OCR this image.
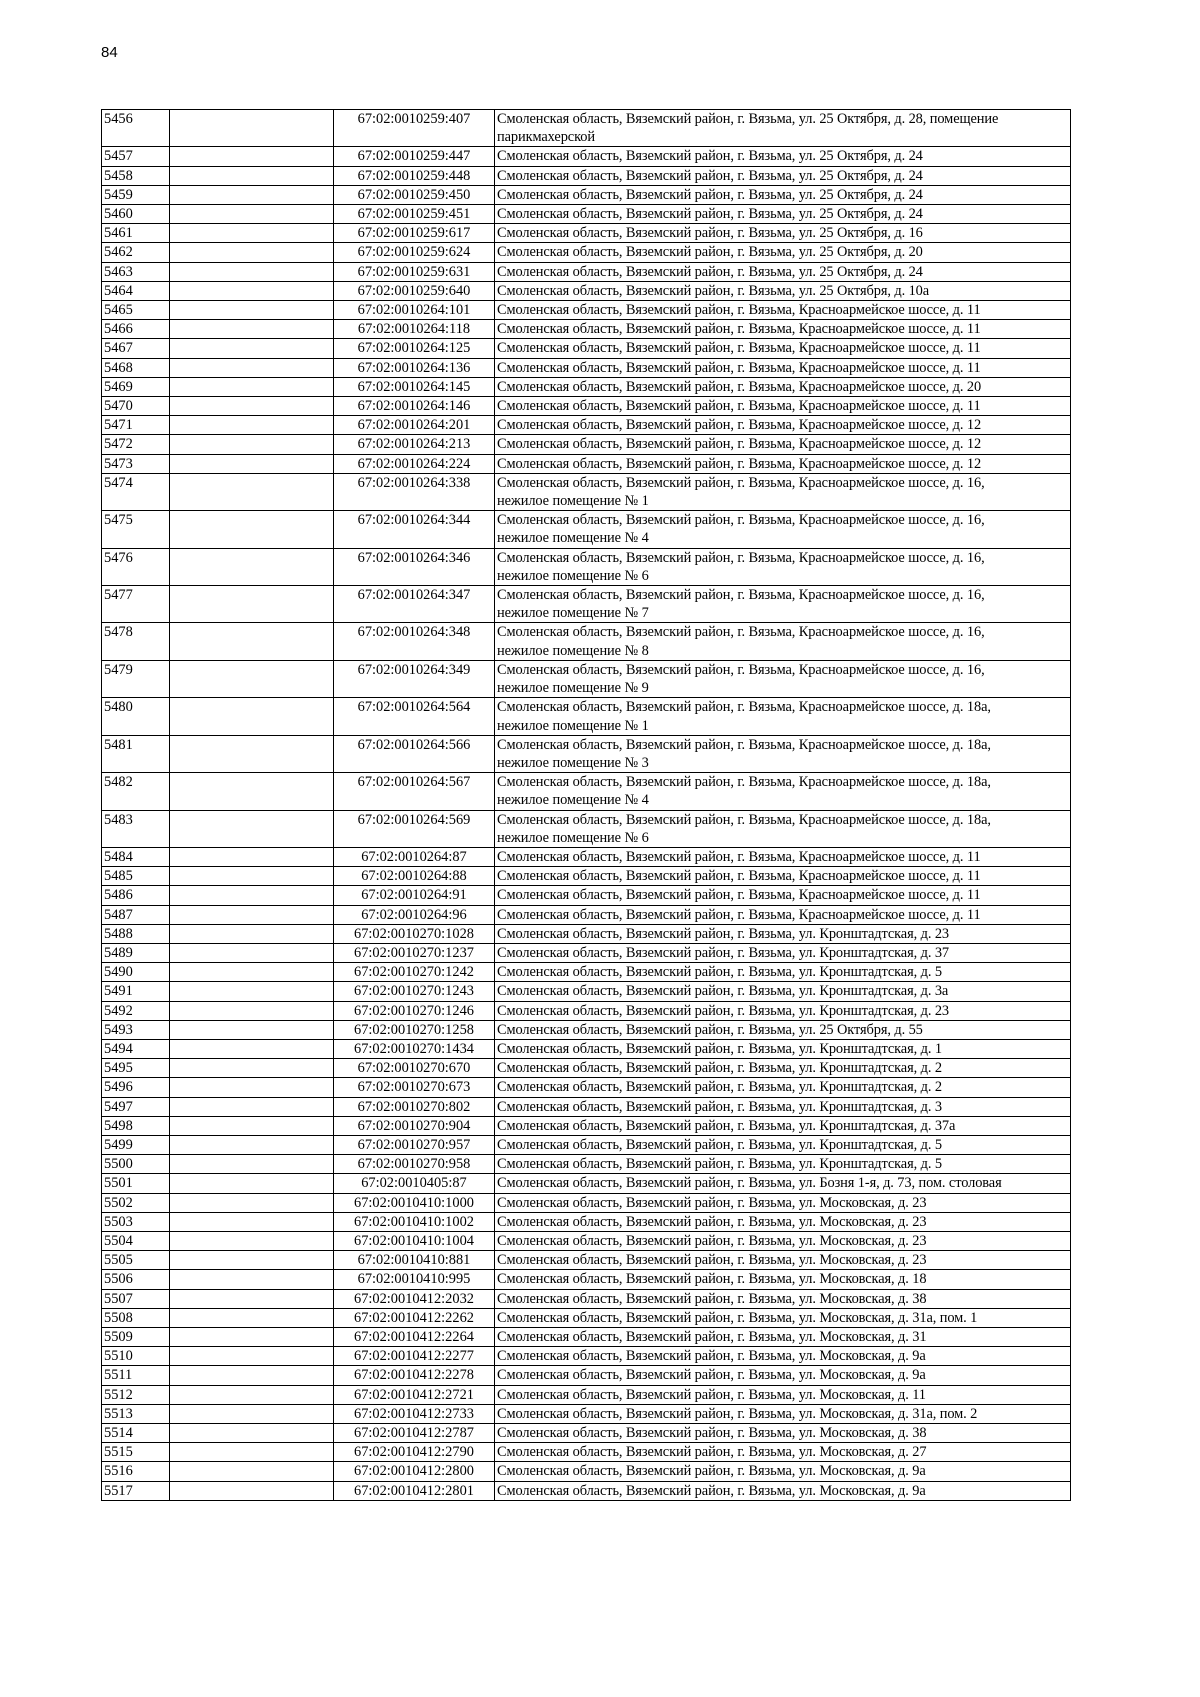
84
5456		67:02:0010259:407	Смоленская область, Вяземский район, г. Вязьма, ул. 25 Октября, д. 28, помещение
парикмахерской

5457		67:02:0010259:447	Смоленская область, Вяземский район, г. Вязьма, ул. 25 Октября, д. 24

5458		67:02:0010259:448	Смоленская область, Вяземский район, г. Вязьма, ул. 25 Октября, д. 24

5459		67:02:0010259:450	Смоленская область, Вяземский район, г. Вязьма, ул. 25 Октября, д. 24

5460		67:02:0010259:451	Смоленская область, Вяземский район, г. Вязьма, ул. 25 Октября, д. 24

5461		67:02:0010259:617	Смоленская область, Вяземский район, г. Вязьма, ул. 25 Октября, д. 16

5462		67:02:0010259:624	Смоленская область, Вяземский район, г. Вязьма, ул. 25 Октября, д. 20

5463		67:02:0010259:631	Смоленская область, Вяземский район, г. Вязьма, ул. 25 Октября, д. 24

5464		67:02:0010259:640	Смоленская область, Вяземский район, г. Вязьма, ул. 25 Октября, д. 10а

5465		67:02:0010264:101	Смоленская область, Вяземский район, г. Вязьма, Красноармейское шоссе, д. 11

5466		67:02:0010264:118	Смоленская область, Вяземский район, г. Вязьма, Красноармейское шоссе, д. 11

5467		67:02:0010264:125	Смоленская область, Вяземский район, г. Вязьма, Красноармейское шоссе, д. 11

5468		67:02:0010264:136	Смоленская область, Вяземский район, г. Вязьма, Красноармейское шоссе, д. 11

5469		67:02:0010264:145	Смоленская область, Вяземский район, г. Вязьма, Красноармейское шоссе, д. 20

5470		67:02:0010264:146	Смоленская область, Вяземский район, г. Вязьма, Красноармейское шоссе, д. 11

5471		67:02:0010264:201	Смоленская область, Вяземский район, г. Вязьма, Красноармейское шоссе, д. 12

5472		67:02:0010264:213	Смоленская область, Вяземский район, г. Вязьма, Красноармейское шоссе, д. 12

5473		67:02:0010264:224	Смоленская область, Вяземский район, г. Вязьма, Красноармейское шоссе, д. 12

5474		67:02:0010264:338	Смоленская область, Вяземский район, г. Вязьма, Красноармейское шоссе, д. 16,
нежилое помещение № 1

5475		67:02:0010264:344	Смоленская область, Вяземский район, г. Вязьма, Красноармейское шоссе, д. 16,
нежилое помещение № 4

5476		67:02:0010264:346	Смоленская область, Вяземский район, г. Вязьма, Красноармейское шоссе, д. 16,
нежилое помещение № 6

5477		67:02:0010264:347	Смоленская область, Вяземский район, г. Вязьма, Красноармейское шоссе, д. 16,
нежилое помещение № 7

5478		67:02:0010264:348	Смоленская область, Вяземский район, г. Вязьма, Красноармейское шоссе, д. 16,
нежилое помещение № 8

5479		67:02:0010264:349	Смоленская область, Вяземский район, г. Вязьма, Красноармейское шоссе, д. 16,
нежилое помещение № 9

5480		67:02:0010264:564	Смоленская область, Вяземский район, г. Вязьма, Красноармейское шоссе, д. 18а,
нежилое помещение № 1

5481		67:02:0010264:566	Смоленская область, Вяземский район, г. Вязьма, Красноармейское шоссе, д. 18а,
нежилое помещение № 3

5482		67:02:0010264:567	Смоленская область, Вяземский район, г. Вязьма, Красноармейское шоссе, д. 18а,
нежилое помещение № 4

5483		67:02:0010264:569	Смоленская область, Вяземский район, г. Вязьма, Красноармейское шоссе, д. 18а,
нежилое помещение № 6

5484		67:02:0010264:87	Смоленская область, Вяземский район, г. Вязьма, Красноармейское шоссе, д. 11

5485		67:02:0010264:88	Смоленская область, Вяземский район, г. Вязьма, Красноармейское шоссе, д. 11

5486		67:02:0010264:91	Смоленская область, Вяземский район, г. Вязьма, Красноармейское шоссе, д. 11

5487		67:02:0010264:96	Смоленская область, Вяземский район, г. Вязьма, Красноармейское шоссе, д. 11

5488		67:02:0010270:1028	Смоленская область, Вяземский район, г. Вязьма, ул. Кронштадтская, д. 23

5489		67:02:0010270:1237	Смоленская область, Вяземский район, г. Вязьма, ул. Кронштадтская, д. 37

5490		67:02:0010270:1242	Смоленская область, Вяземский район, г. Вязьма, ул. Кронштадтская, д. 5

5491		67:02:0010270:1243	Смоленская область, Вяземский район, г. Вязьма, ул. Кронштадтская, д. 3а

5492		67:02:0010270:1246	Смоленская область, Вяземский район, г. Вязьма, ул. Кронштадтская, д. 23

5493		67:02:0010270:1258	Смоленская область, Вяземский район, г. Вязьма, ул. 25 Октября, д. 55

5494		67:02:0010270:1434	Смоленская область, Вяземский район, г. Вязьма, ул. Кронштадтская, д. 1

5495		67:02:0010270:670	Смоленская область, Вяземский район, г. Вязьма, ул. Кронштадтская, д. 2

5496		67:02:0010270:673	Смоленская область, Вяземский район, г. Вязьма, ул. Кронштадтская, д. 2

5497		67:02:0010270:802	Смоленская область, Вяземский район, г. Вязьма, ул. Кронштадтская, д. 3

5498		67:02:0010270:904	Смоленская область, Вяземский район, г. Вязьма, ул. Кронштадтская, д. 37а

5499		67:02:0010270:957	Смоленская область, Вяземский район, г. Вязьма, ул. Кронштадтская, д. 5

5500		67:02:0010270:958	Смоленская область, Вяземский район, г. Вязьма, ул. Кронштадтская, д. 5

5501		67:02:0010405:87	Смоленская область, Вяземский район, г. Вязьма, ул. Бозня 1-я, д. 73, пом. столовая

5502		67:02:0010410:1000	Смоленская область, Вяземский район, г. Вязьма, ул. Московская, д. 23

5503		67:02:0010410:1002	Смоленская область, Вяземский район, г. Вязьма, ул. Московская, д. 23

5504		67:02:0010410:1004	Смоленская область, Вяземский район, г. Вязьма, ул. Московская, д. 23

5505		67:02:0010410:881	Смоленская область, Вяземский район, г. Вязьма, ул. Московская, д. 23

5506		67:02:0010410:995	Смоленская область, Вяземский район, г. Вязьма, ул. Московская, д. 18

5507		67:02:0010412:2032	Смоленская область, Вяземский район, г. Вязьма, ул. Московская, д. 38

5508		67:02:0010412:2262	Смоленская область, Вяземский район, г. Вязьма, ул. Московская, д. 31а, пом. 1

5509		67:02:0010412:2264	Смоленская область, Вяземский район, г. Вязьма, ул. Московская, д. 31

5510		67:02:0010412:2277	Смоленская область, Вяземский район, г. Вязьма, ул. Московская, д. 9а

5511		67:02:0010412:2278	Смоленская область, Вяземский район, г. Вязьма, ул. Московская, д. 9а

5512		67:02:0010412:2721	Смоленская область, Вяземский район, г. Вязьма, ул. Московская, д. 11

5513		67:02:0010412:2733	Смоленская область, Вяземский район, г. Вязьма, ул. Московская, д. 31а, пом. 2

5514		67:02:0010412:2787	Смоленская область, Вяземский район, г. Вязьма, ул. Московская, д. 38

5515		67:02:0010412:2790	Смоленская область, Вяземский район, г. Вязьма, ул. Московская, д. 27

5516		67:02:0010412:2800	Смоленская область, Вяземский район, г. Вязьма, ул. Московская, д. 9а

5517		67:02:0010412:2801	Смоленская область, Вяземский район, г. Вязьма, ул. Московская, д. 9а
